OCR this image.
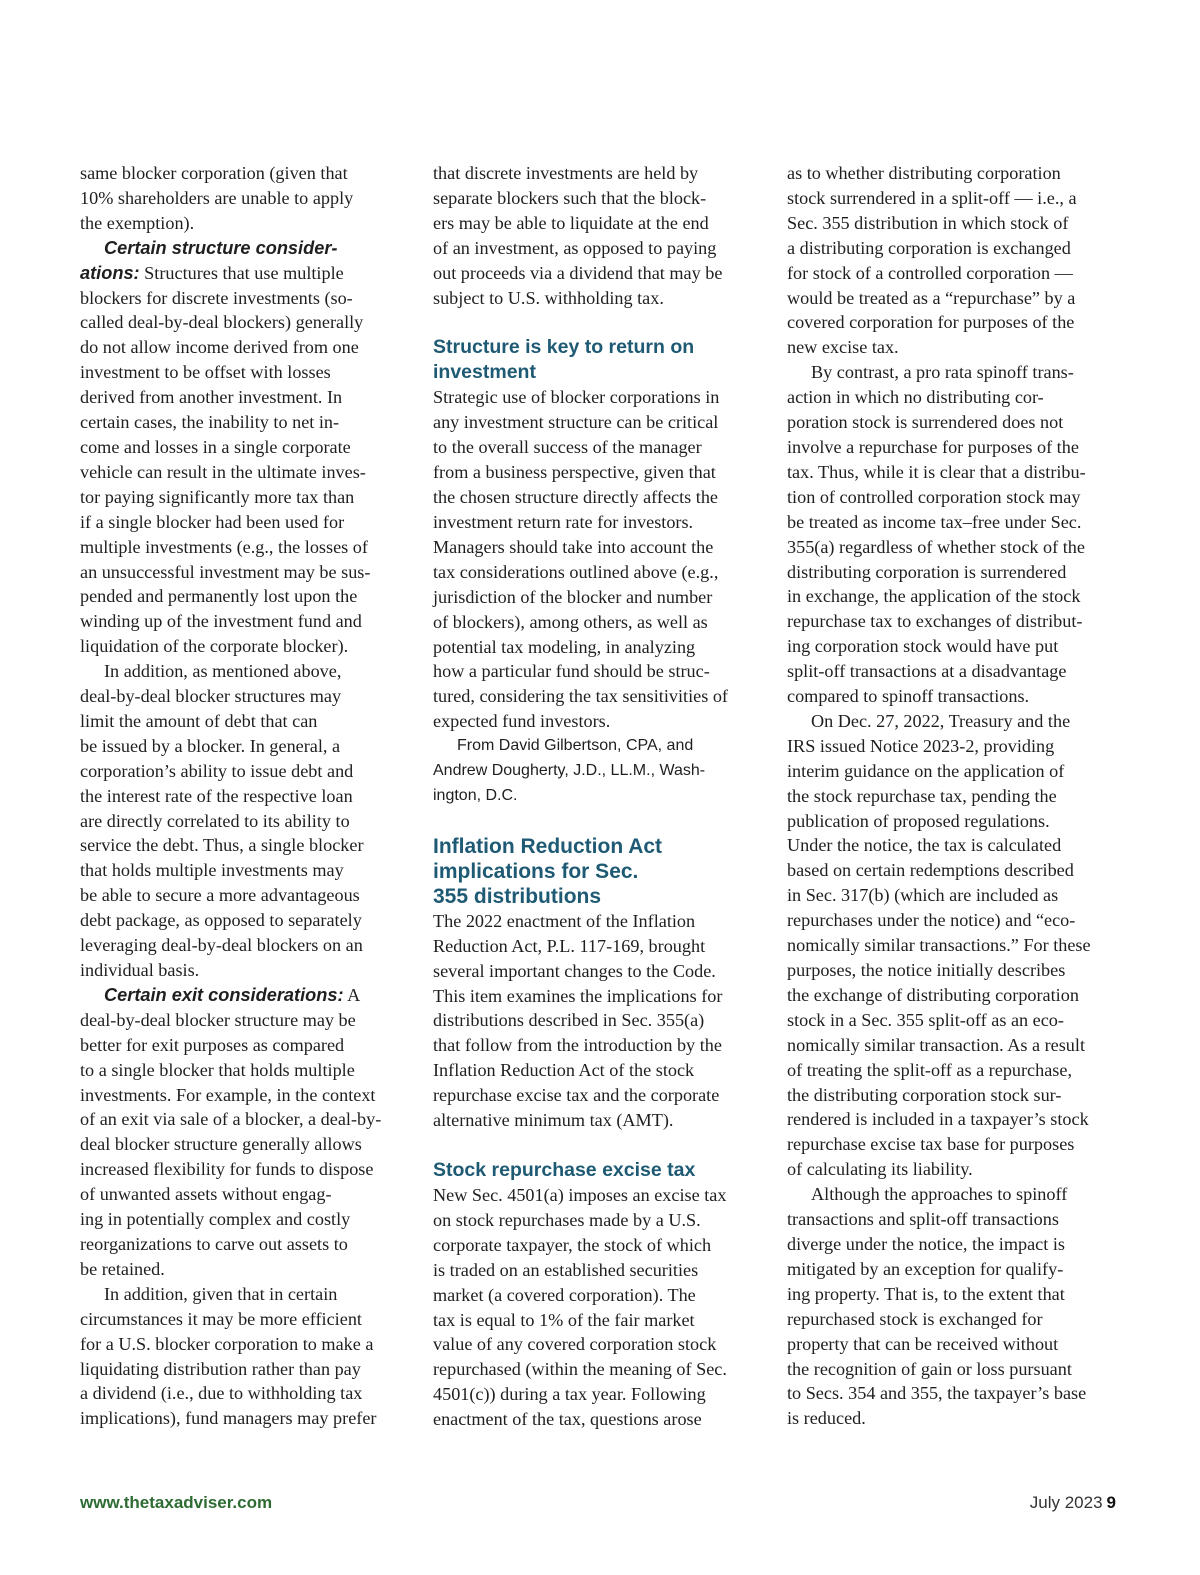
same blocker corporation (given that
10% shareholders are unable to apply
the exemption).

Certain structure consider-
ations: Structures that use multiple
blockers for discrete investments (so-
called deal-by-deal blockers) generally
do not allow income derived from one
investment to be offset with losses
derived from another investment. In
certain cases, the inability to net in-
come and losses in a single corporate
vehicle can result in the ultimate inves-
tor paying significantly more tax than
if a single blocker had been used for
multiple investments (e.g., the losses of
an unsuccessful investment may be sus-
pended and permanently lost upon the
winding up of the investment fund and
liquidation of the corporate blocker).

In addition, as mentioned above,
deal-by-deal blocker structures may
limit the amount of debt that can
be issued by a blocker. In general, a
corporation’s ability to issue debt and
the interest rate of the respective loan
are directly correlated to its ability to
service the debt. Thus, a single blocker
that holds multiple investments may
be able to secure a more advantageous
debt package, as opposed to separately
leveraging deal-by-deal blockers on an
individual basis.

Certain exit considerations: A
deal-by-deal blocker structure may be
better for exit purposes as compared
to a single blocker that holds multiple
investments. For example, in the context
of an exit via sale of a blocker, a deal-by-
deal blocker structure generally allows
increased flexibility for funds to dispose
of unwanted assets without engag-
ing in potentially complex and costly
reorganizations to carve out assets to
be retained.

In addition, given that in certain
circumstances it may be more efficient
for a U.S. blocker corporation to make a
liquidating distribution rather than pay
a dividend (i.e., due to withholding tax
implications), fund managers may prefer

that discrete investments are held by
separate blockers such that the block-
ers may be able to liquidate at the end
of an investment, as opposed to paying
out proceeds via a dividend that may be
subject to U.S. withholding tax.

Structure is key to return on
investment

Strategic use of blocker corporations in
any investment structure can be critical
to the overall success of the manager
from a business perspective, given that
the chosen structure directly affects the
investment return rate for investors.
Managers should take into account the
tax considerations outlined above (e.g.,
jurisdiction of the blocker and number
of blockers), among others, as well as
potential tax modeling, in analyzing
how a particular fund should be struc-
tured, considering the tax sensitivities of
expected fund investors.

From David Gilbertson, CPA, and
Andrew Dougherty, J.D., LL.M., Wash-
ington, D.C.

Inflation Reduction Act
implications for Sec.
355 distributions

The 2022 enactment of the Inflation
Reduction Act, P.L. 117-169, brought
several important changes to the Code.
This item examines the implications for
distributions described in Sec. 355(a)
that follow from the introduction by the
Inflation Reduction Act of the stock
repurchase excise tax and the corporate
alternative minimum tax (AMT).

Stock repurchase excise tax

New Sec. 4501(a) imposes an excise tax
on stock repurchases made by a U.S.
corporate taxpayer, the stock of which
is traded on an established securities
market (a covered corporation). The
tax is equal to 1% of the fair market
value of any covered corporation stock
repurchased (within the meaning of Sec.
4501(c)) during a tax year. Following
enactment of the tax, questions arose

as to whether distributing corporation
stock surrendered in a split-off — i.e., a
Sec. 355 distribution in which stock of
a distributing corporation is exchanged
for stock of a controlled corporation —
would be treated as a “repurchase” by a
covered corporation for purposes of the
new excise tax.

By contrast, a pro rata spinoff trans-
action in which no distributing cor-
poration stock is surrendered does not
involve a repurchase for purposes of the
tax. Thus, while it is clear that a distribu-
tion of controlled corporation stock may
be treated as income tax–free under Sec.
355(a) regardless of whether stock of the
distributing corporation is surrendered
in exchange, the application of the stock
repurchase tax to exchanges of distribut-
ing corporation stock would have put
split-off transactions at a disadvantage
compared to spinoff transactions.

On Dec. 27, 2022, Treasury and the
IRS issued Notice 2023-2, providing
interim guidance on the application of
the stock repurchase tax, pending the
publication of proposed regulations.
Under the notice, the tax is calculated
based on certain redemptions described
in Sec. 317(b) (which are included as
repurchases under the notice) and “eco-
nomically similar transactions.” For these
purposes, the notice initially describes
the exchange of distributing corporation
stock in a Sec. 355 split-off as an eco-
nomically similar transaction. As a result
of treating the split-off as a repurchase,
the distributing corporation stock sur-
rendered is included in a taxpayer’s stock
repurchase excise tax base for purposes
of calculating its liability.

Although the approaches to spinoff
transactions and split-off transactions
diverge under the notice, the impact is
mitigated by an exception for qualify-
ing property. That is, to the extent that
repurchased stock is exchanged for
property that can be received without
the recognition of gain or loss pursuant
to Secs. 354 and 355, the taxpayer’s base
is reduced.

www.thetaxadviser.com	July 2023 9
